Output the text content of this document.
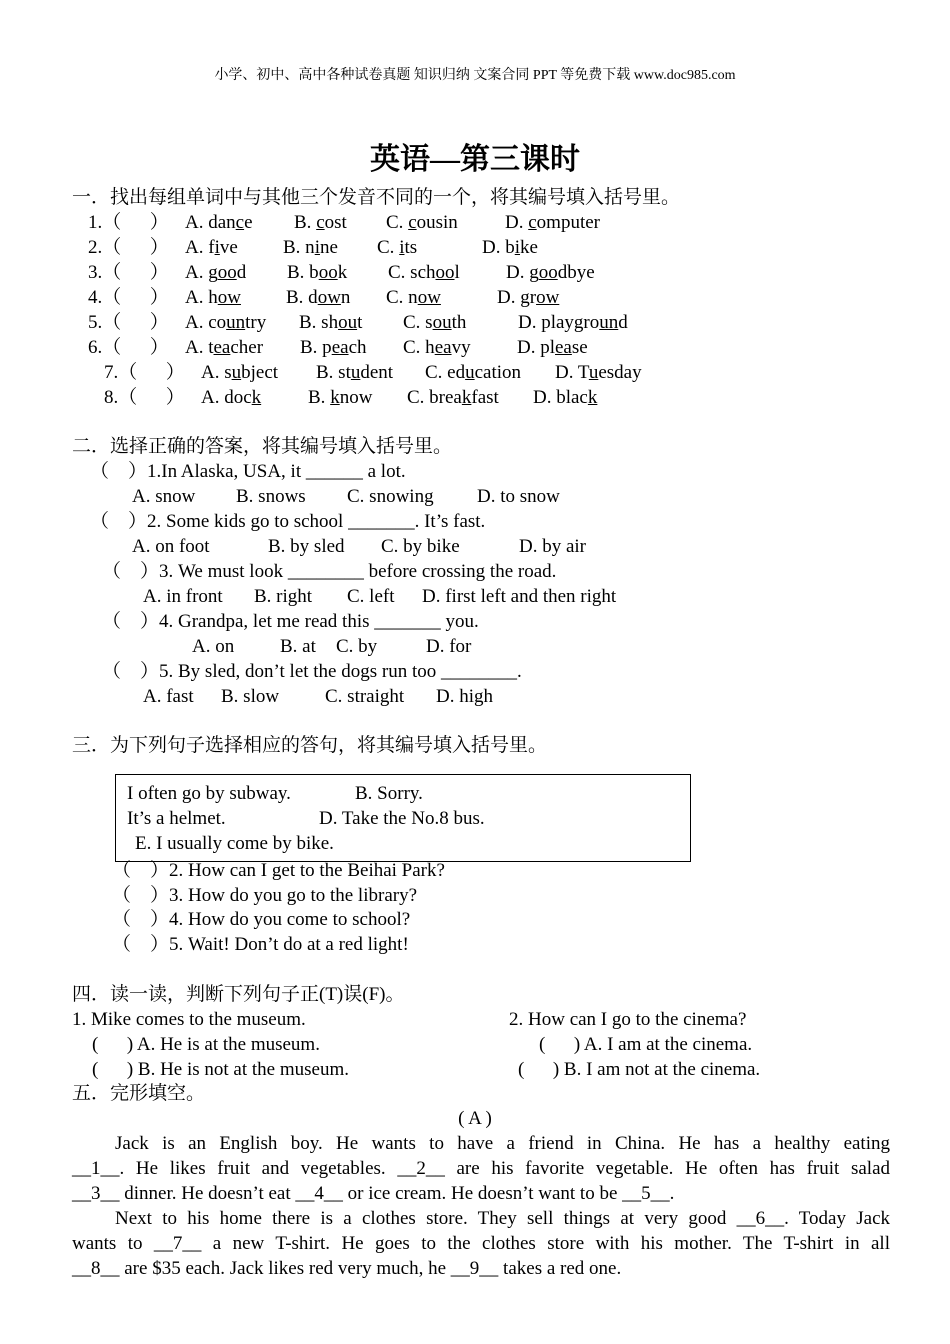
小学、初中、高中各种试卷真题 知识归纳 文案合同 PPT 等免费下载 www.doc985.com
英语—第三课时
一．找出每组单词中与其他三个发音不同的一个，将其编号填入括号里。
1.（      ） A. dance B. cost C. cousin D. computer
2.（      ） A. five B. nine C. its	D. bike
3.（      ） A. good B. book C. school D. goodbye
4.（      ） A. how B. down C. now	D. grow
5.（      ） A. country B. shout C. south	D. playground
6.（      ） A. teacher B. peach C. heavy D. please
7.（      ） A. subject B. student C. education D. Tuesday
8.（      ） A. dock B. know C. breakfast D. black
二．选择正确的答案，将其编号填入括号里。
（    ）1.In Alaska, USA, it ______ a lot.
A. snow B. snows C. snowing D. to snow
（    ）2. Some kids go to school _______. It’s fast.
A. on foot	B. by sled C. by bike	D. by air
（    ）3. We must look ________ before crossing the road.
A. in front B. right C. left D. first left and then right
（    ）4. Grandpa, let me read this _______ you.
A. on B. at C. by	D. for
（    ）5. By sled, don’t let the dogs run too ________.
A. fast B. slow C. straight D. high
三．为下列句子选择相应的答句，将其编号填入括号里。
I often go by subway.	B. Sorry.
It’s a helmet.	D. Take the No.8 bus.
E. I usually come by bike.
（    ）2. How can I get to the Beihai Park?
（    ）3. How do you go to the library?
（    ）4. How do you come to school?
（    ）5. Wait! Don’t do at a red light!
四．读一读，判断下列句子正(T)误(F)。
1. Mike comes to the museum.
(      ) A. He is at the museum.
(      ) B. He is not at the museum.
2. How can I go to the cinema?
(      ) A. I am at the cinema.
(      ) B. I am not at the cinema.
五．完形填空。
( A )

Jack is an English boy. He wants to have a friend in China. He has a healthy eating

__1__. He likes fruit and vegetables. __2__ are his favorite vegetable. He often has fruit salad

__3__ dinner. He doesn’t eat __4__ or ice cream. He doesn’t want to be __5__.

Next to his home there is a clothes store. They sell things at very good __6__. Today Jack

wants to __7__ a new T-shirt. He goes to the clothes store with his mother. The T-shirt in all

__8__ are $35 each. Jack likes red very much, he __9__ takes a red one.
